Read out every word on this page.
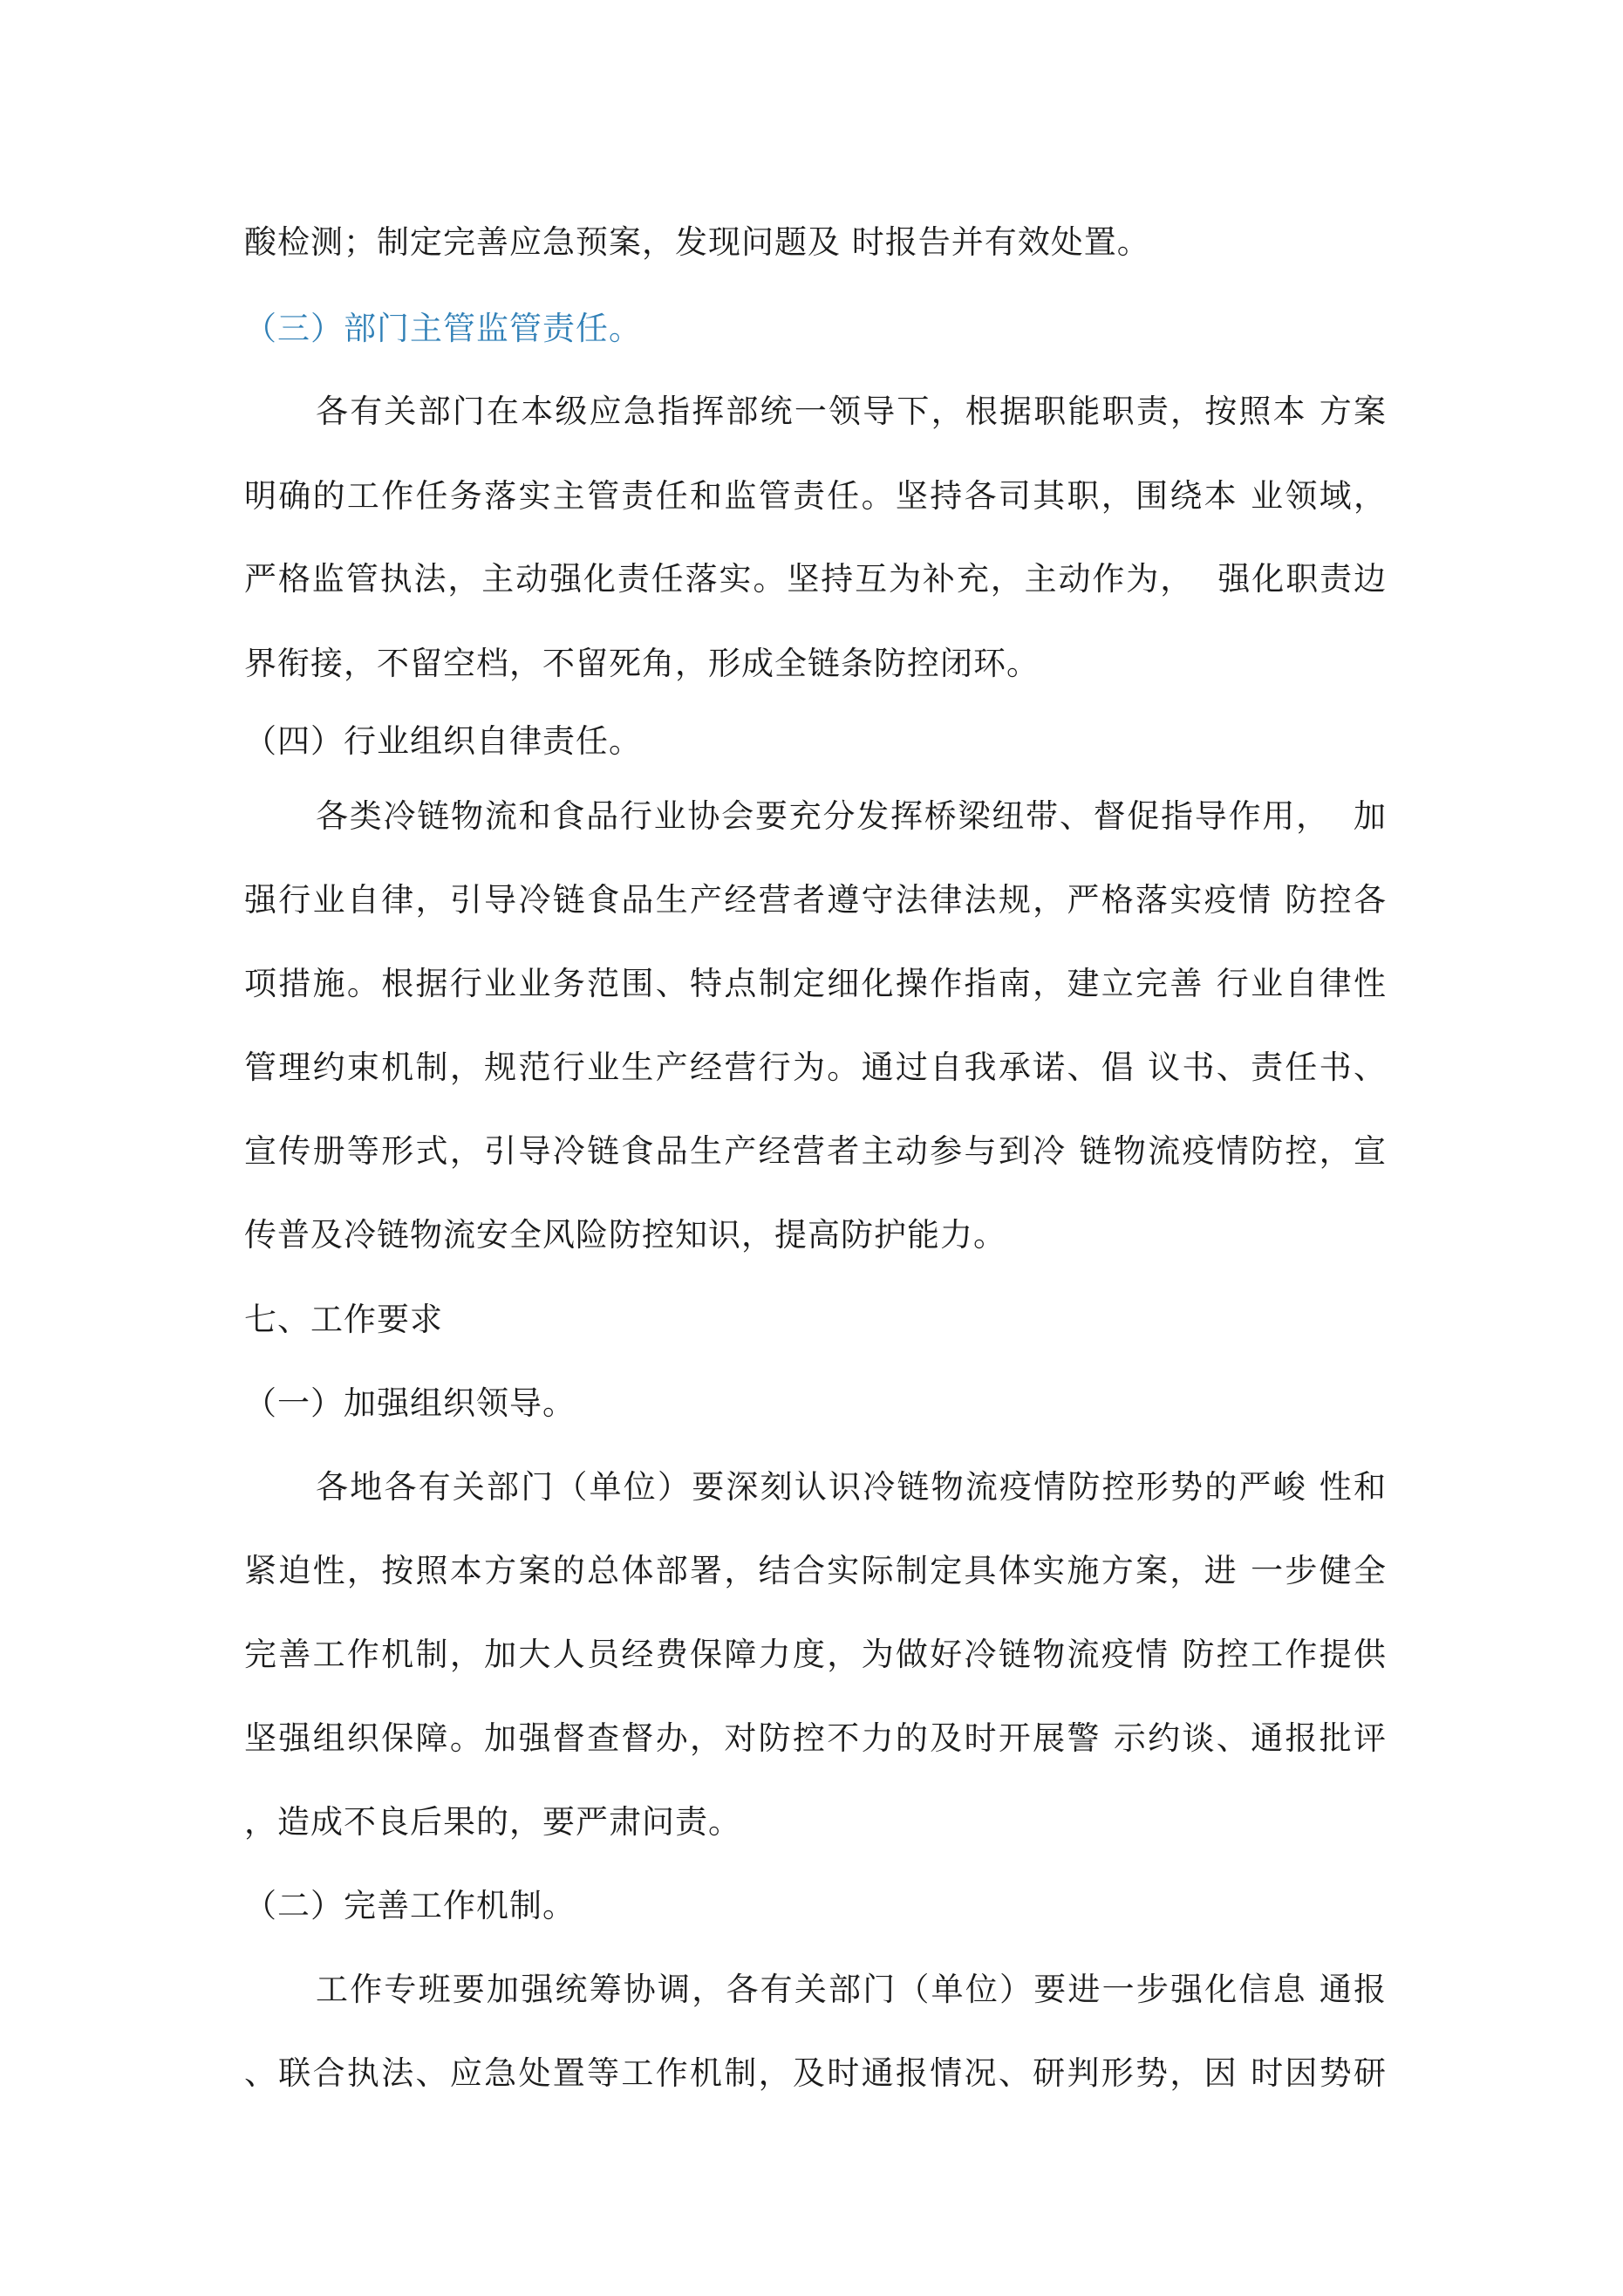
酸检测；制定完善应急预案，发现问题及 时报告并有效处置。
（三）部门主管监管责任。
各有关部门在本级应急指挥部统一领导下，根据职能职责，按照本 方案
明确的工作任务落实主管责任和监管责任。坚持各司其职，围绕本 业领域，
严格监管执法，主动强化责任落实。坚持互为补充，主动作为，  强化职责边
界衔接，不留空档，不留死角，形成全链条防控闭环。
（四）行业组织自律责任。
各类冷链物流和食品行业协会要充分发挥桥梁纽带、督促指导作用，  加
强行业自律，引导冷链食品生产经营者遵守法律法规，严格落实疫情 防控各
项措施。根据行业业务范围、特点制定细化操作指南，建立完善 行业自律性
管理约束机制，规范行业生产经营行为。通过自我承诺、倡 议书、责任书、
宣传册等形式，引导冷链食品生产经营者主动参与到冷 链物流疫情防控，宣
传普及冷链物流安全风险防控知识，提高防护能力。
七、工作要求
（一）加强组织领导。
各地各有关部门（单位）要深刻认识冷链物流疫情防控形势的严峻 性和
紧迫性，按照本方案的总体部署，结合实际制定具体实施方案，进 一步健全
完善工作机制，加大人员经费保障力度，为做好冷链物流疫情 防控工作提供
坚强组织保障。加强督查督办，对防控不力的及时开展警 示约谈、通报批评
，造成不良后果的，要严肃问责。
（二）完善工作机制。
工作专班要加强统筹协调，各有关部门（单位）要进一步强化信息 通报
、联合执法、应急处置等工作机制，及时通报情况、研判形势，因 时因势研
